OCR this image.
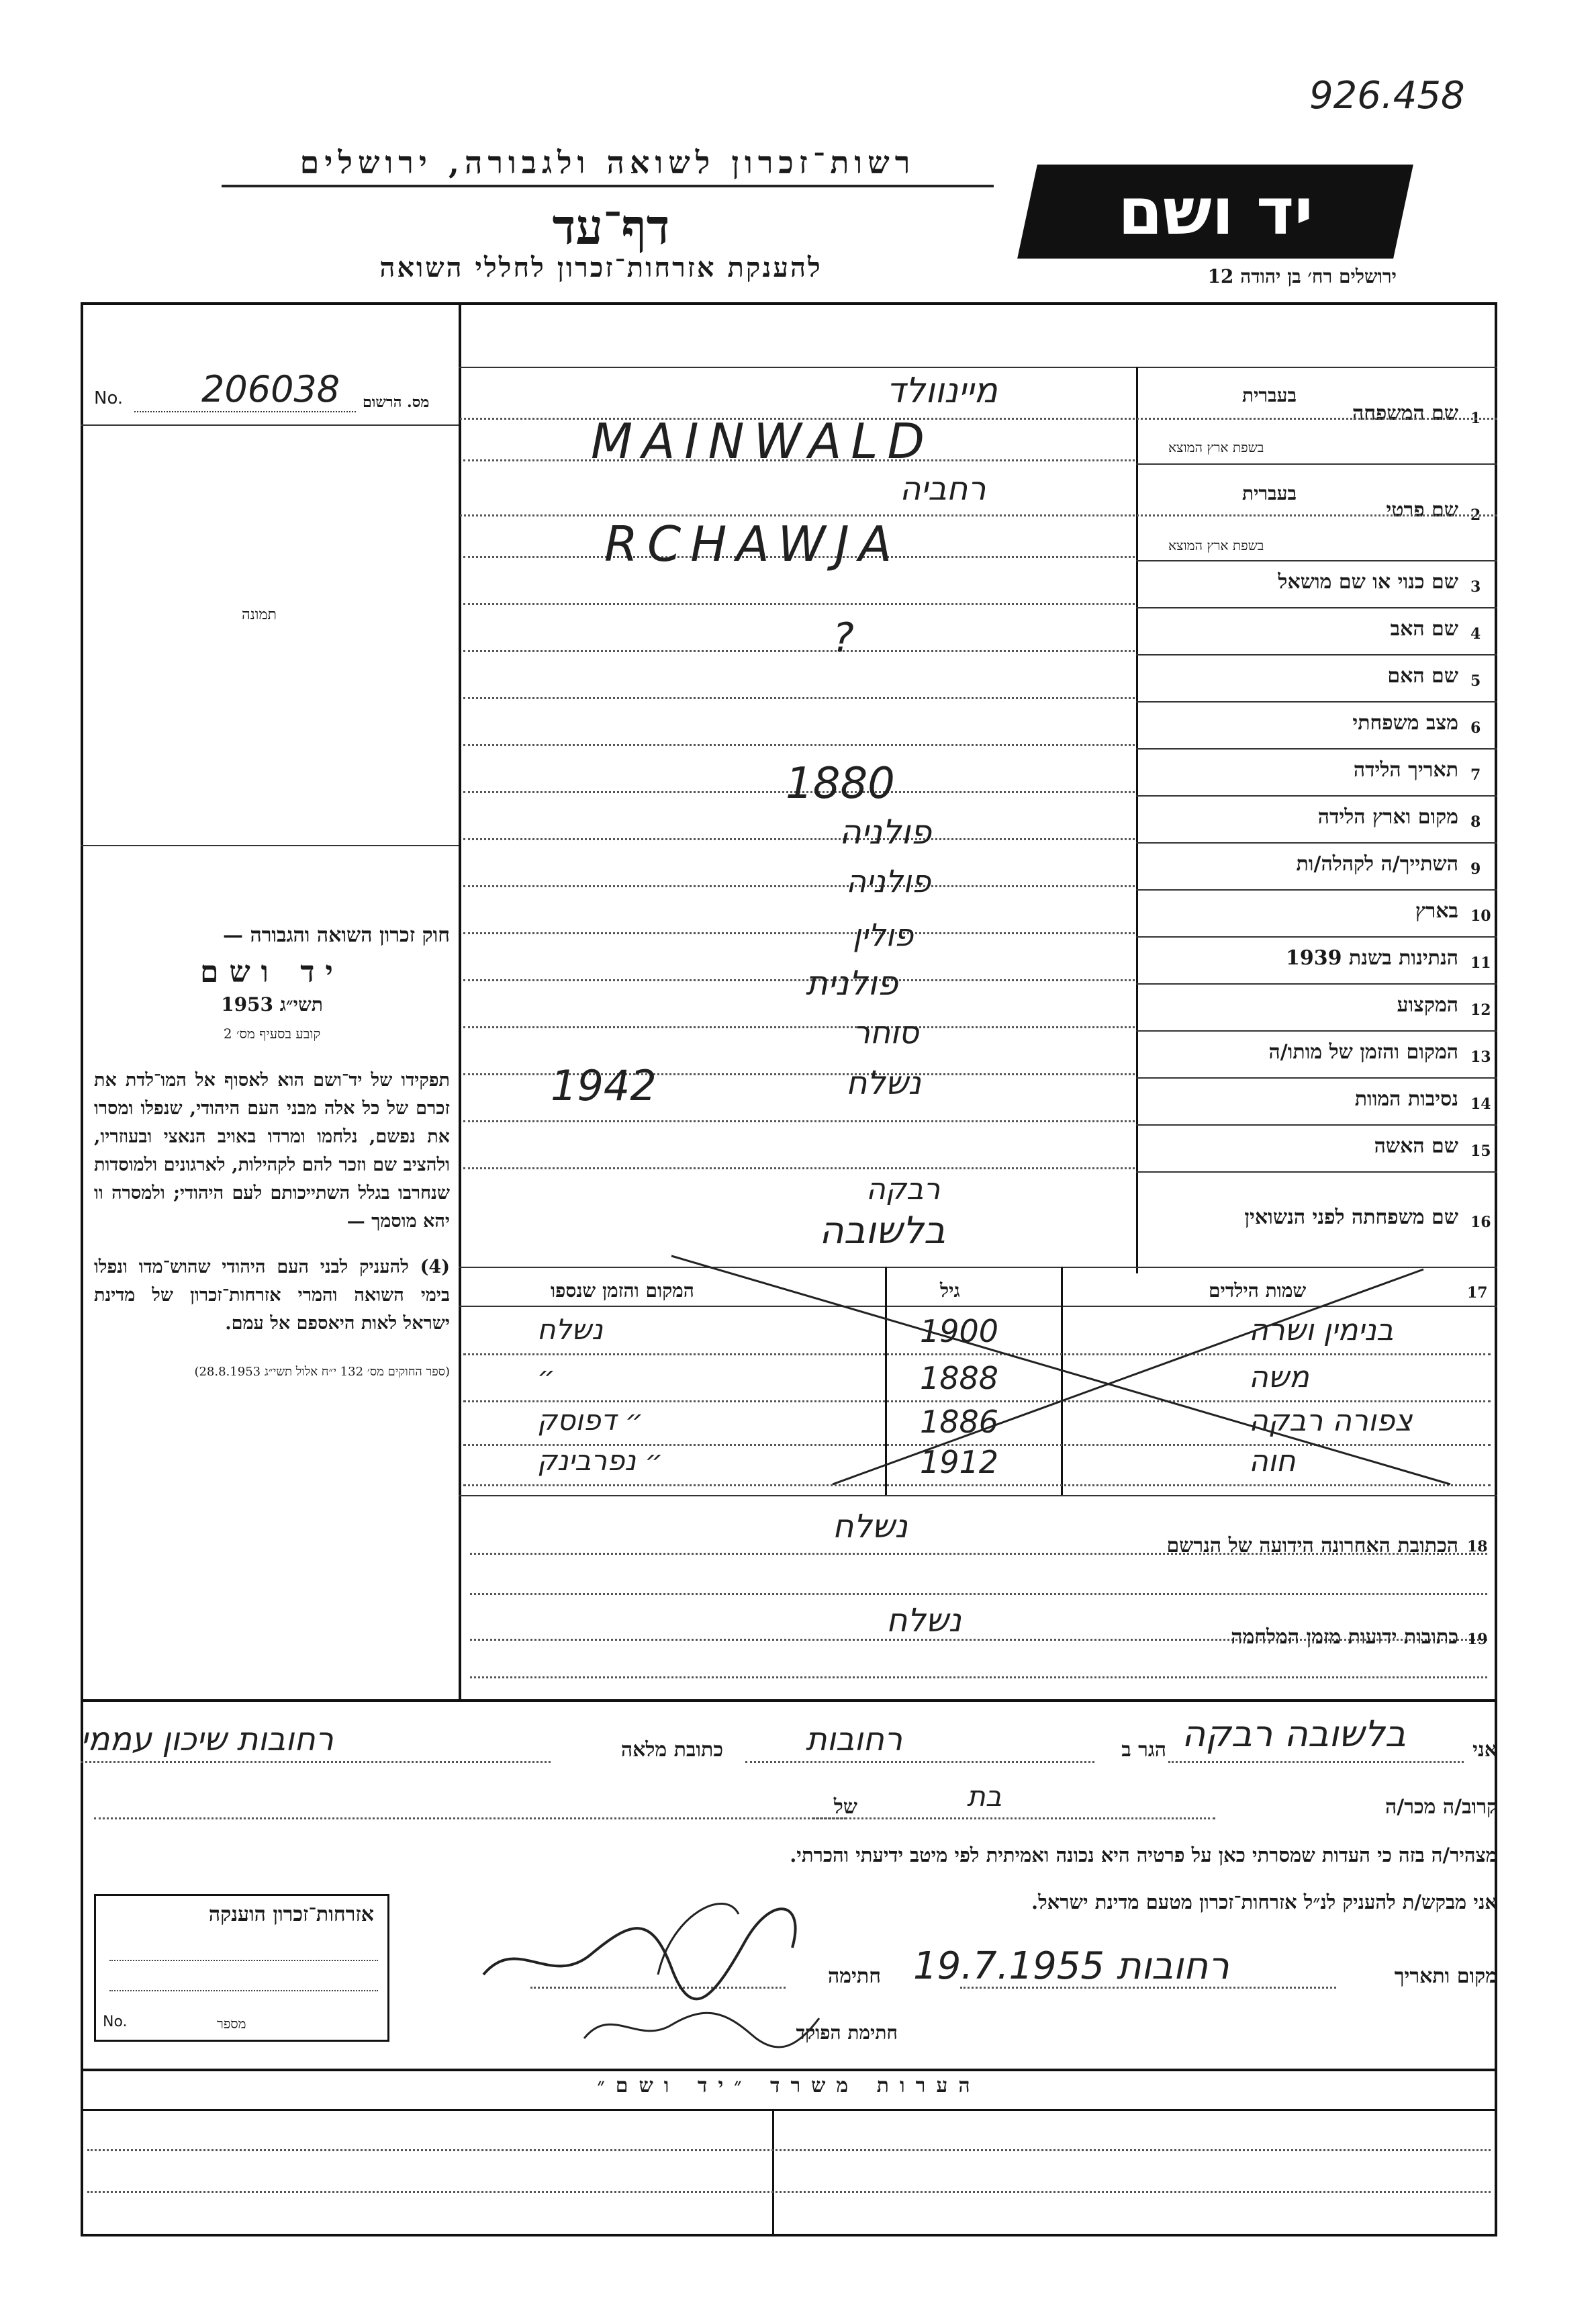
926.458
רשות־זכרון לשואה ולגבורה, ירושלים
דף־עד
להענקת אזרחות־זכרון לחללי השואה
יד ושם
ירושלים רח׳ בן יהודה 12
No. 206038 מס. הרשום
תמונה

חוק זכרון השואה והגבורה —

יד ושם

תשי״ג 1953

קובע בסעיף מס׳ 2

תפקידו של יד־ושם הוא לאסוף אל המו־לדת את זכרם של כל אלה מבני העם היהודי, שנפלו ומסרו את נפשם, נלחמו ומרדו באויב הנאצי ובעוזריו, ולהציב שם וזכר להם לקהילות, לארגונים ולמוסדות שנחרבו בגלל השתייכותם לעם היהודי; ולמסרה וו יהא מוסמך —

(4) להעניק לבני העם היהודי שהוש־מדו ונפלו בימי השואה והמרי אזרחות־זכרון של מדינת ישראל לאות היאספם אל עמם.

(ספר החוקים מס׳ 132 י״ח אלול תשי״ג 28.8.1953)

1
שם המשפחה
2
שם פרטי
3
שם כנוי או שם מושאל
4
שם האב
5
שם האם
6
מצב משפחתי
7
תאריך הלידה
8
מקום וארץ הלידה
9
השתייך/ה לקהלה/ות
10
בארץ
11
הנתינות בשנת 1939
12
המקצוע
13
המקום והזמן של מותו/ה
14
נסיבות המוות
15
שם האשה
16
שם משפחתה לפני הנשואין
בעברית
בשפת ארץ המוצא
בעברית
בשפת ארץ המוצא
מיינוולד
MAINWALD
רחביה
RCHAWJA
?
1880
פולניה
פולניה
פולין
פולנית
סוחר
1942	נשלח
רבקה
בלשובה
17
שמות הילדים
גיל
המקום והזמן שנספו
בנימין ושרה
1900
נשלח
משה
1888
״
צפורה רבקה
1886
״ דפוסק
חוה
1912
״ נפרבינק
18
הכתובת האחרונה הידועה של הנרשם
נשלח
19
כתובות ידועות מזמן המלחמה
נשלח
אני
בלשובה רבקה
הגר ב
רחובות
כתובת מלאה
רחובות שיכון עממי
קרוב/ה מכר/ה
בת
של
מצהיר/ה בזה כי העדות שמסרתי כאן על פרטיה היא נכונה ואמיתית לפי מיטב ידיעתי והכרתי.
אני מבקש/ת להעניק לנ״ל אזרחות־זכרון מטעם מדינת ישראל.
אזרחות־זכרון הוענקה
No.	מספר
מקום ותאריך
רחובות 19.7.1955
חתימה
חתימת הפוקד
הערות משרד ״יד ושם״
